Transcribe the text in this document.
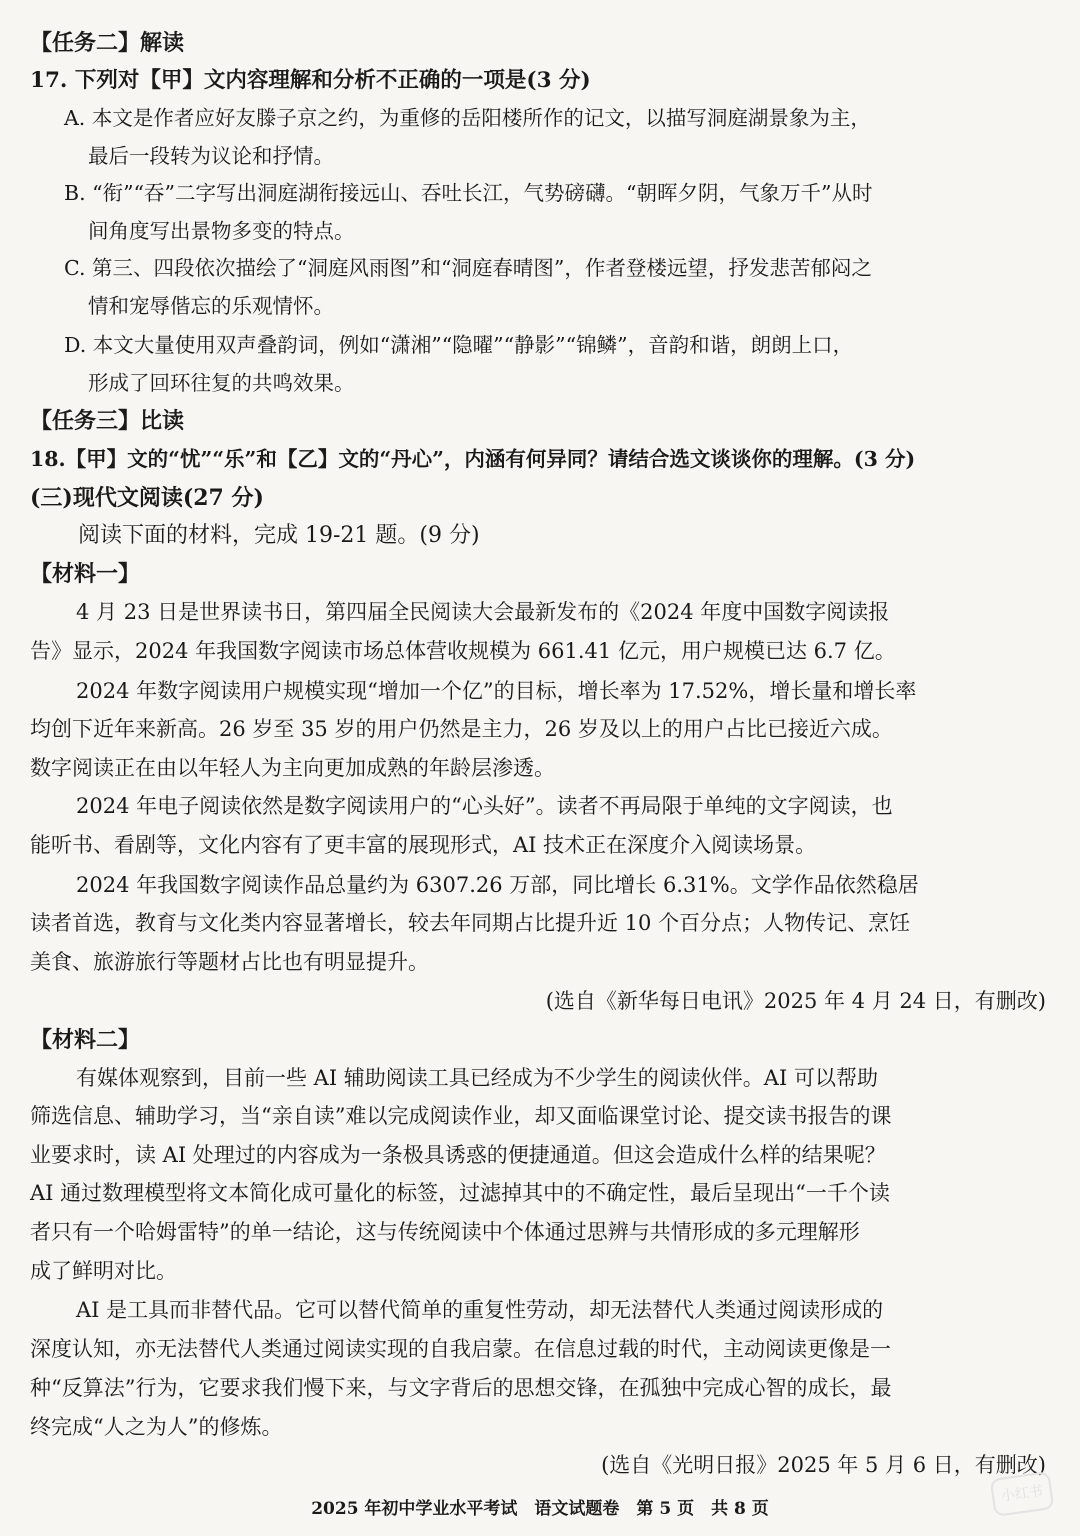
【任务二】解读
17. 下列对【甲】文内容理解和分析不正确的一项是(3 分)
A. 本文是作者应好友滕子京之约，为重修的岳阳楼所作的记文，以描写洞庭湖景象为主，
最后一段转为议论和抒情。
B. “衔”“吞”二字写出洞庭湖衔接远山、吞吐长江，气势磅礴。“朝晖夕阴，气象万千”从时
间角度写出景物多变的特点。
C. 第三、四段依次描绘了“洞庭风雨图”和“洞庭春晴图”，作者登楼远望，抒发悲苦郁闷之
情和宠辱偕忘的乐观情怀。
D. 本文大量使用双声叠韵词，例如“潇湘”“隐曜”“静影”“锦鳞”，音韵和谐，朗朗上口，
形成了回环往复的共鸣效果。
【任务三】比读
18.【甲】文的“忧”“乐”和【乙】文的“丹心”，内涵有何异同？请结合选文谈谈你的理解。(3 分)
(三)现代文阅读(27 分)
阅读下面的材料，完成 19-21 题。(9 分)
【材料一】
4 月 23 日是世界读书日，第四届全民阅读大会最新发布的《2024 年度中国数字阅读报
告》显示，2024 年我国数字阅读市场总体营收规模为 661.41 亿元，用户规模已达 6.7 亿。
2024 年数字阅读用户规模实现“增加一个亿”的目标，增长率为 17.52%，增长量和增长率
均创下近年来新高。26 岁至 35 岁的用户仍然是主力，26 岁及以上的用户占比已接近六成。
数字阅读正在由以年轻人为主向更加成熟的年龄层渗透。
2024 年电子阅读依然是数字阅读用户的“心头好”。读者不再局限于单纯的文字阅读，也
能听书、看剧等，文化内容有了更丰富的展现形式，AI 技术正在深度介入阅读场景。
2024 年我国数字阅读作品总量约为 6307.26 万部，同比增长 6.31%。文学作品依然稳居
读者首选，教育与文化类内容显著增长，较去年同期占比提升近 10 个百分点；人物传记、烹饪
美食、旅游旅行等题材占比也有明显提升。
(选自《新华每日电讯》2025 年 4 月 24 日，有删改)
【材料二】
有媒体观察到，目前一些 AI 辅助阅读工具已经成为不少学生的阅读伙伴。AI 可以帮助
筛选信息、辅助学习，当“亲自读”难以完成阅读作业，却又面临课堂讨论、提交读书报告的课
业要求时，读 AI 处理过的内容成为一条极具诱惑的便捷通道。但这会造成什么样的结果呢？
AI 通过数理模型将文本简化成可量化的标签，过滤掉其中的不确定性，最后呈现出“一千个读
者只有一个哈姆雷特”的单一结论，这与传统阅读中个体通过思辨与共情形成的多元理解形
成了鲜明对比。
AI 是工具而非替代品。它可以替代简单的重复性劳动，却无法替代人类通过阅读形成的
深度认知，亦无法替代人类通过阅读实现的自我启蒙。在信息过载的时代，主动阅读更像是一
种“反算法”行为，它要求我们慢下来，与文字背后的思想交锋，在孤独中完成心智的成长，最
终完成“人之为人”的修炼。
(选自《光明日报》2025 年 5 月 6 日，有删改)
2025 年初中学业水平考试　语文试题卷　第 5 页　共 8 页
小红书
